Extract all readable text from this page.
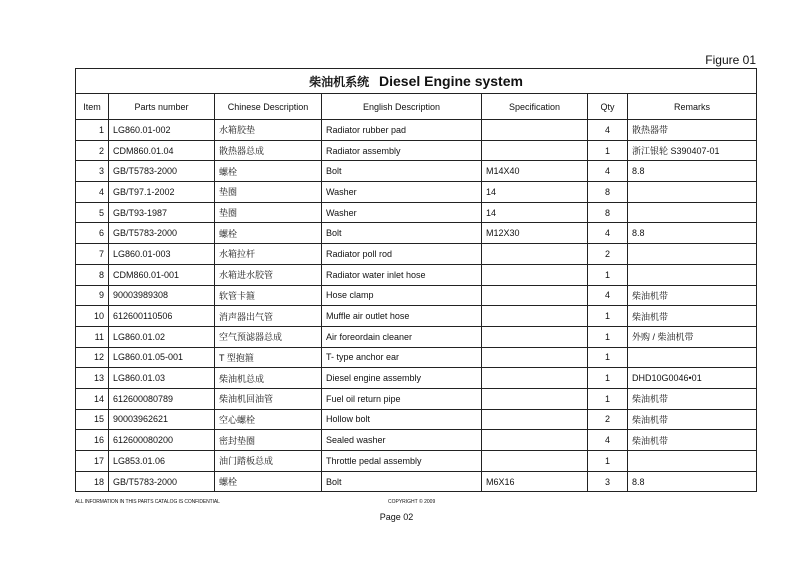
Figure 01
柴油机系统 Diesel Engine system						
Item	Parts number	Chinese Description	English Description	Specification	Qty	Remarks
1	LG860.01-002	水箱胶垫	Radiator rubber pad		4	散热器带
2	CDM860.01.04	散热器总成	Radiator assembly		1	浙江银轮 S390407-01
3	GB/T5783-2000	螺栓	Bolt	M14X40	4	8.8
4	GB/T97.1-2002	垫圈	Washer	14	8	
5	GB/T93-1987	垫圈	Washer	14	8	
6	GB/T5783-2000	螺栓	Bolt	M12X30	4	8.8
7	LG860.01-003	水箱拉杆	Radiator poll rod		2	
8	CDM860.01-001	水箱进水胶管	Radiator water inlet hose		1	
9	90003989308	软管卡箍	Hose clamp		4	柴油机带
10	612600110506	消声器出气管	Muffle air outlet hose		1	柴油机带
11	LG860.01.02	空气预滤器总成	Air foreordain cleaner		1	外购 / 柴油机带
12	LG860.01.05-001	T 型抱箍	T- type anchor ear		1	
13	LG860.01.03	柴油机总成	Diesel engine assembly		1	DHD10G0046•01
14	612600080789	柴油机回油管	Fuel oil return pipe		1	柴油机带
15	90003962621	空心螺栓	Hollow bolt		2	柴油机带
16	612600080200	密封垫圈	Sealed washer		4	柴油机带
17	LG853.01.06	油门踏板总成	Throttle pedal assembly		1	
18	GB/T5783-2000	螺栓	Bolt	M6X16	3	8.8
ALL INFORMATION IN THIS PARTS CATALOG IS CONFIDENTIAL	COPYRIGHT © 2009
Page 02
